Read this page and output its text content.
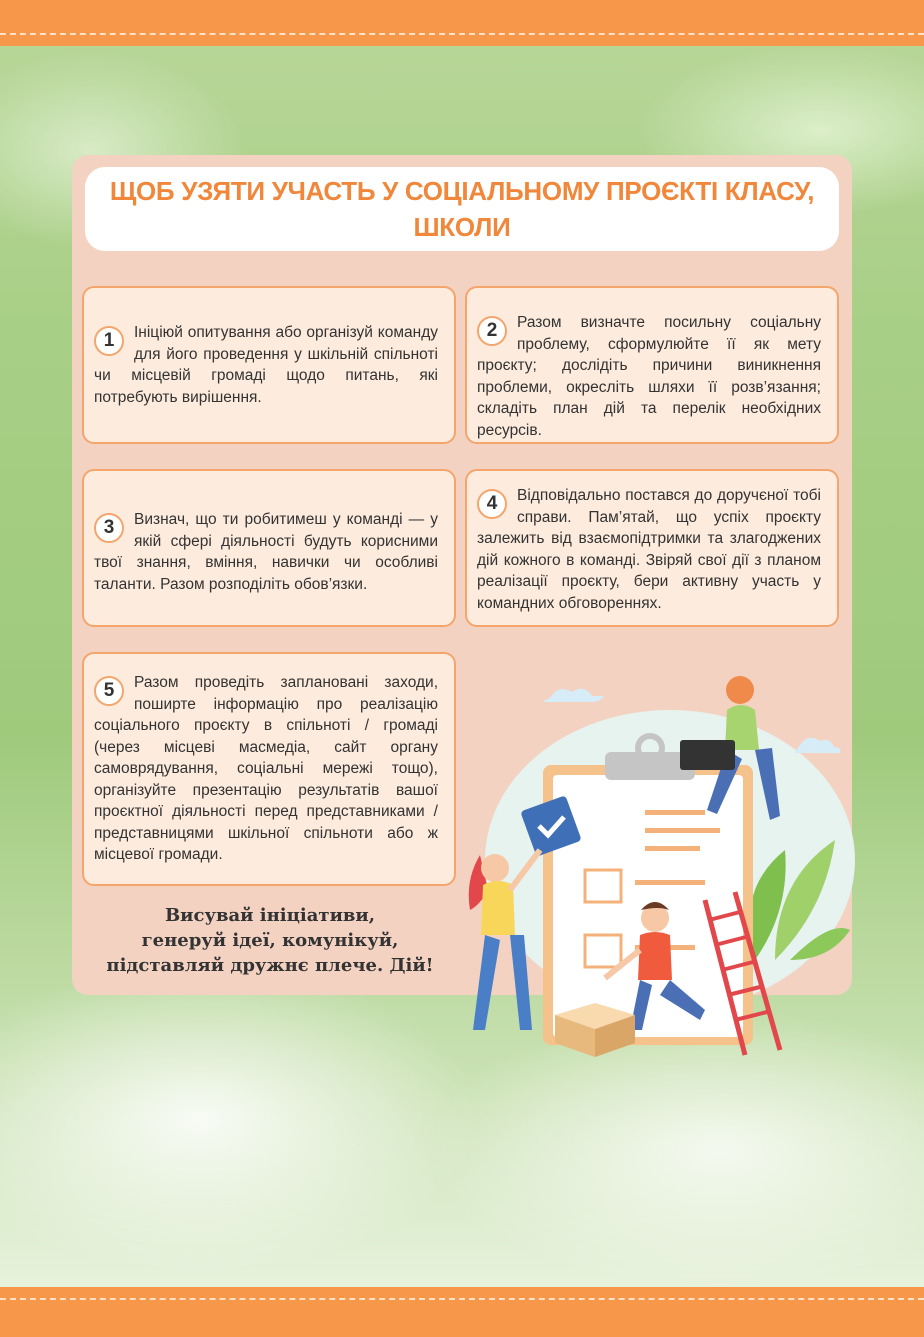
ЩОБ УЗЯТИ УЧАСТЬ У СОЦІАЛЬНОМУ ПРОЄКТІ КЛАСУ, ШКОЛИ
1	Ініціюй опитування або організуй команду для його проведення у шкільній спільноті чи місцевій громаді щодо питань, які потребують вирішення.
2	Разом визначте посильну соціальну проблему, сформулюйте її як мету проєкту; дослідіть причини виникнення проблеми, окресліть шляхи її розв’язання; складіть план дій та перелік необхідних ресурсів.
3	Визнач, що ти робитимеш у команді — у якій сфері діяльності будуть корисними твої знання, вміння, навички чи особливі таланти. Разом розподіліть обов’язки.
4	Відповідально постався до доручєної тобі справи. Пам’ятай, що успіх проєкту залежить від взаємопідтримки та злагоджених дій кожного в команді. Звіряй свої дії з планом реалізації проєкту, бери активну участь у командних обговореннях.
5	Разом проведіть заплановані заходи, поширте інформацію про реалізацію соціального проєкту в спільноті / громаді (через місцеві масмедіа, сайт органу самоврядування, соціальні мережі тощо), організуйте презентацію результатів вашої проєктної діяльності перед представниками / представницями шкільної спільноти або ж місцевої громади.
Висувай ініціативи,
генеруй ідеї, комунікуй,
підставляй дружнє плече. Дій!
